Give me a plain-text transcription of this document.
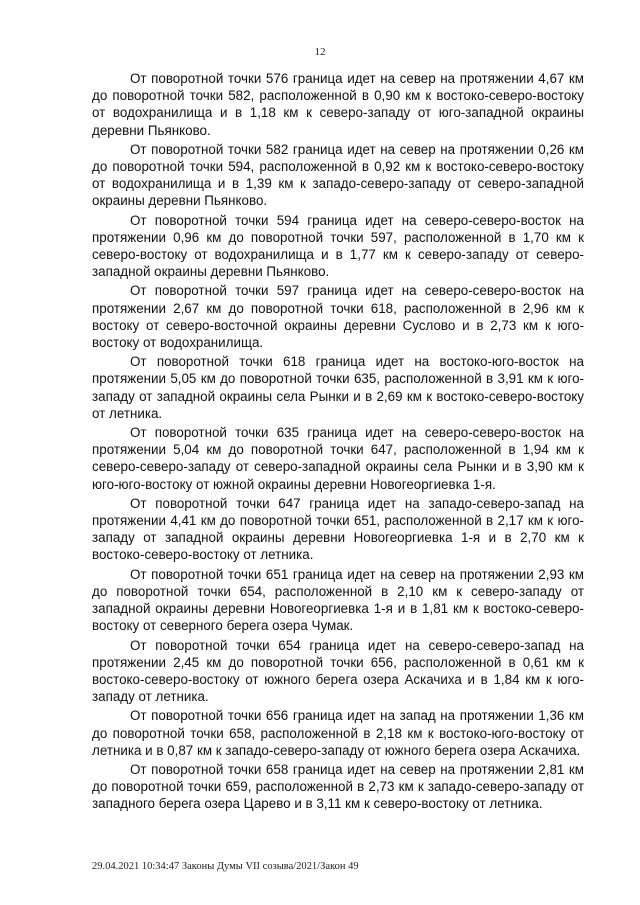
12

От поворотной точки 576 граница идет на север на протяжении 4,67 км до поворотной точки 582, расположенной в 0,90 км к востоко-северо-востоку от водохранилища и в 1,18 км к северо-западу от юго-западной окраины деревни Пьянково.

От поворотной точки 582 граница идет на север на протяжении 0,26 км до поворотной точки 594, расположенной в 0,92 км к востоко-северо-востоку от водохранилища и в 1,39 км к западо-северо-западу от северо-западной окраины деревни Пьянково.

От поворотной точки 594 граница идет на северо-северо-восток на протяжении 0,96 км до поворотной точки 597, расположенной в 1,70 км к северо-востоку от водохранилища и в 1,77 км к северо-западу от северо-западной окраины деревни Пьянково.

От поворотной точки 597 граница идет на северо-северо-восток на протяжении 2,67 км до поворотной точки 618, расположенной в 2,96 км к востоку от северо-восточной окраины деревни Суслово и в 2,73 км к юго-востоку от водохранилища.

От поворотной точки 618 граница идет на востоко-юго-восток на протяжении 5,05 км до поворотной точки 635, расположенной в 3,91 км к юго-западу от западной окраины села Рынки и в 2,69 км к востоко-северо-востоку от летника.

От поворотной точки 635 граница идет на северо-северо-восток на протяжении 5,04 км до поворотной точки 647, расположенной в 1,94 км к северо-северо-западу от северо-западной окраины села Рынки и в 3,90 км к юго-юго-востоку от южной окраины деревни Новогеоргиевка 1-я.

От поворотной точки 647 граница идет на западо-северо-запад на протяжении 4,41 км до поворотной точки 651, расположенной в 2,17 км к юго-западу от западной окраины деревни Новогеоргиевка 1-я и в 2,70 км к востоко-северо-востоку от летника.

От поворотной точки 651 граница идет на север на протяжении 2,93 км до поворотной точки 654, расположенной в 2,10 км к северо-западу от западной окраины деревни Новогеоргиевка 1-я и в 1,81 км к востоко-северо-востоку от северного берега озера Чумак.

От поворотной точки 654 граница идет на северо-северо-запад на протяжении 2,45 км до поворотной точки 656, расположенной в 0,61 км к востоко-северо-востоку от южного берега озера Аскачиха и в 1,84 км к юго-западу от летника.

От поворотной точки 656 граница идет на запад на протяжении 1,36 км до поворотной точки 658, расположенной в 2,18 км к востоко-юго-востоку от летника и в 0,87 км к западо-северо-западу от южного берега озера Аскачиха.

От поворотной точки 658 граница идет на север на протяжении 2,81 км до поворотной точки 659, расположенной в 2,73 км к западо-северо-западу от западного берега озера Царево и в 3,11 км к северо-востоку от летника.

29.04.2021 10:34:47 Законы Думы VII созыва/2021/Закон 49
